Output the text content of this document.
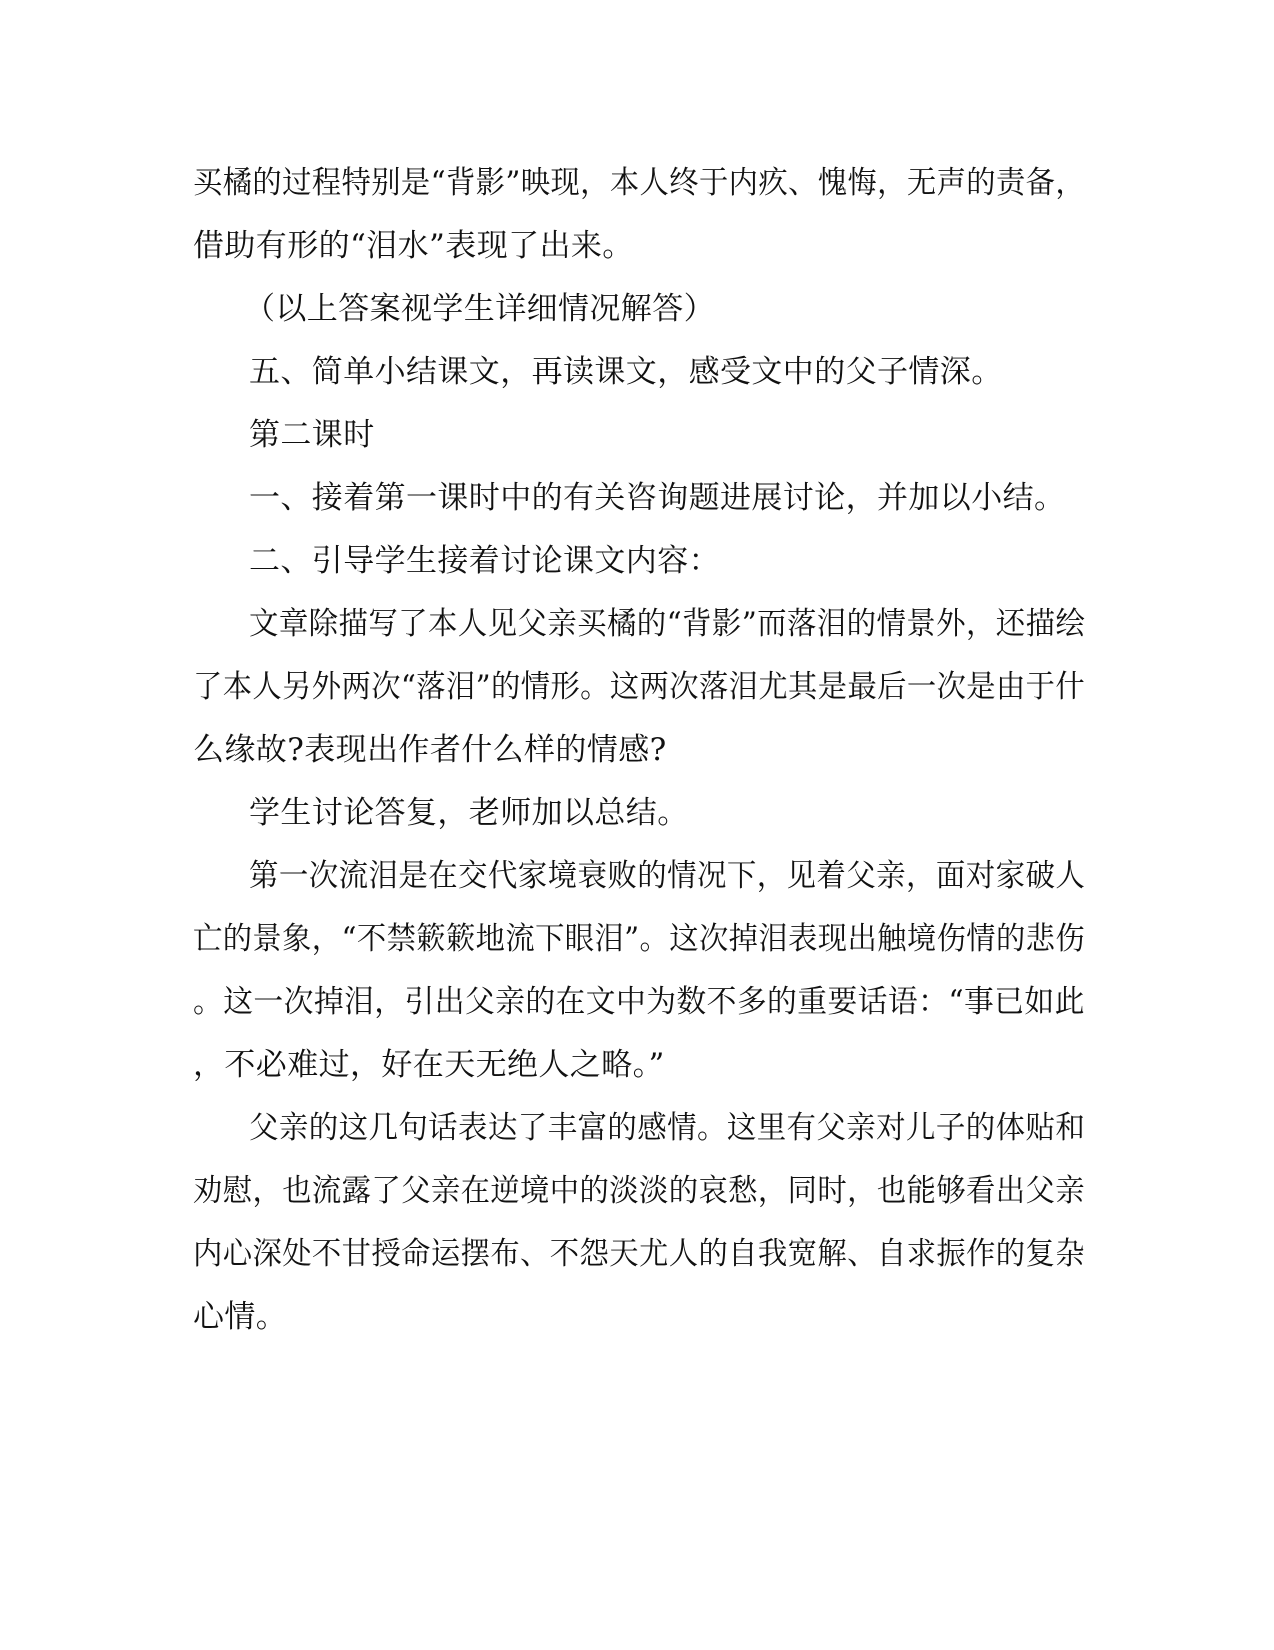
买橘的过程特别是“背影”映现，本人终于内疚、愧悔，无声的责备，
借助有形的“泪水”表现了出来。
（以上答案视学生详细情况解答）
五、简单小结课文，再读课文，感受文中的父子情深。
第二课时
一、接着第一课时中的有关咨询题进展讨论，并加以小结。
二、引导学生接着讨论课文内容：
文章除描写了本人见父亲买橘的“背影”而落泪的情景外，还描绘
了本人另外两次“落泪”的情形。这两次落泪尤其是最后一次是由于什
么缘故?表现出作者什么样的情感?
学生讨论答复，老师加以总结。
第一次流泪是在交代家境衰败的情况下，见着父亲，面对家破人
亡的景象，“不禁簌簌地流下眼泪”。这次掉泪表现出触境伤情的悲伤
。这一次掉泪，引出父亲的在文中为数不多的重要话语：“事已如此
，不必难过，好在天无绝人之略。”
父亲的这几句话表达了丰富的感情。这里有父亲对儿子的体贴和
劝慰，也流露了父亲在逆境中的淡淡的哀愁，同时，也能够看出父亲
内心深处不甘授命运摆布、不怨天尤人的自我宽解、自求振作的复杂
心情。
